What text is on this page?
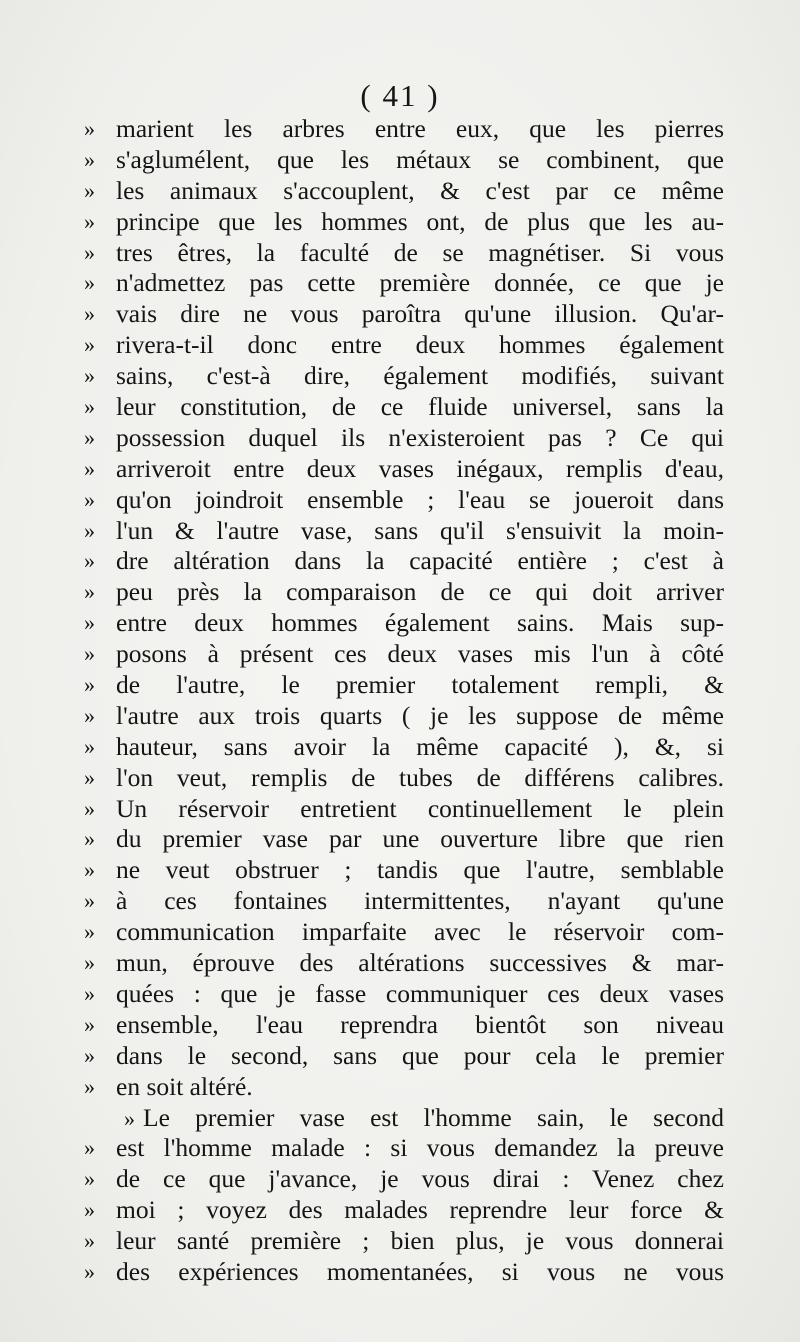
( 41 )
» marient les arbres entre eux, que les pierres
» s'aglumélent, que les métaux se combinent, que
» les animaux s'accouplent, & c'est par ce même
» principe que les hommes ont, de plus que les au-
» tres êtres, la faculté de se magnétiser. Si vous
» n'admettez pas cette première donnée, ce que je
» vais dire ne vous paroîtra qu'une illusion. Qu'ar-
» rivera-t-il donc entre deux hommes également
» sains, c'est-à dire, également modifiés, suivant
» leur constitution, de ce fluide universel, sans la
» possession duquel ils n'existeroient pas ? Ce qui
» arriveroit entre deux vases inégaux, remplis d'eau,
» qu'on joindroit ensemble ; l'eau se joueroit dans
» l'un & l'autre vase, sans qu'il s'ensuivit la moin-
» dre altération dans la capacité entière ; c'est à
» peu près la comparaison de ce qui doit arriver
» entre deux hommes également sains. Mais sup-
» posons à présent ces deux vases mis l'un à côté
» de l'autre, le premier totalement rempli, &
» l'autre aux trois quarts ( je les suppose de même
» hauteur, sans avoir la même capacité ), &, si
» l'on veut, remplis de tubes de différens calibres.
» Un réservoir entretient continuellement le plein
» du premier vase par une ouverture libre que rien
» ne veut obstruer ; tandis que l'autre, semblable
» à ces fontaines intermittentes, n'ayant qu'une
» communication imparfaite avec le réservoir com-
» mun, éprouve des altérations successives & mar-
» quées : que je fasse communiquer ces deux vases
» ensemble, l'eau reprendra bientôt son niveau
» dans le second, sans que pour cela le premier
» en soit altéré.
» Le premier vase est l'homme sain, le second
» est l'homme malade : si vous demandez la preuve
» de ce que j'avance, je vous dirai : Venez chez
» moi ; voyez des malades reprendre leur force &
» leur santé première ; bien plus, je vous donnerai
» des expériences momentanées, si vous ne vous
